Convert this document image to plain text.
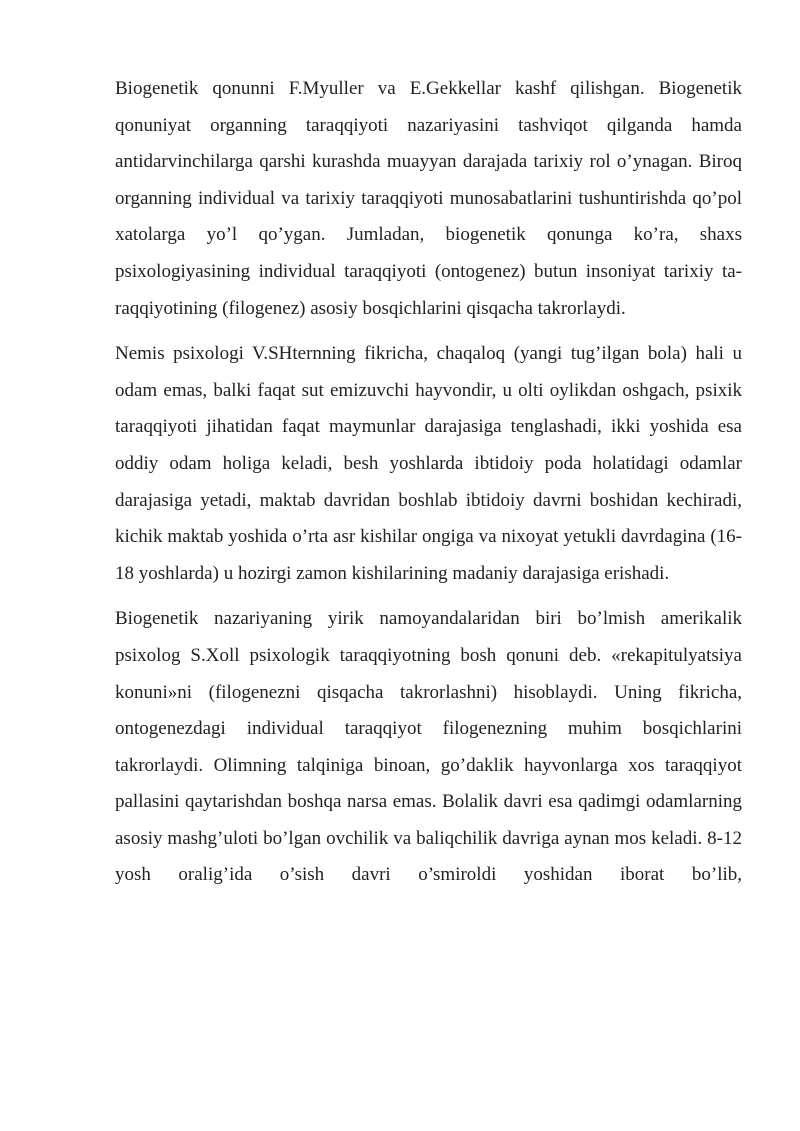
Biogenetik qonunni F.Myuller va E.Gekkellar kashf qilishgan. Biogenetik qonuniyat organning taraqqiyoti nazariyasini tashviqot qilganda hamda antidarvinchilarga qarshi kurashda muayyan darajada tarixiy rol o’ynagan. Biroq organning individual va tarixiy taraqqiyoti munosabatlarini tushuntirishda qo’pol xatolarga yo’l qo’ygan. Jumladan, biogenetik qonunga ko’ra, shaxs psixologiyasining individual taraqqiyoti (ontogenez) butun insoniyat tarixiy ta-raqqiyotining (filogenez) asosiy bosqichlarini qisqacha takrorlaydi.

Nemis psixologi V.SHternning fikricha, chaqaloq (yangi tug’ilgan bola) hali u odam emas, balki faqat sut emizuvchi hayvondir, u olti oylikdan oshgach, psixik taraqqiyoti jihatidan faqat maymunlar darajasiga tenglashadi, ikki yoshida esa oddiy odam holiga keladi, besh yoshlarda ibtidoiy poda holatidagi odamlar darajasiga yetadi, maktab davridan boshlab ibtidoiy davrni boshidan kechiradi, kichik maktab yoshida o’rta asr kishilar ongiga va nixoyat yetukli davrdagina (16-18 yoshlarda) u hozirgi zamon kishilarining madaniy darajasiga erishadi.

Biogenetik nazariyaning yirik namoyandalaridan biri bo’lmish amerikalik psixolog S.Xoll psixologik taraqqiyotning bosh qonuni deb. «rekapitulyatsiya konuni»ni (filogenezni qisqacha takrorlashni) hisoblaydi. Uning fikricha, ontogenezdagi individual taraqqiyot filogenezning muhim bosqichlarini takrorlaydi. Olimning talqiniga binoan, go’daklik hayvonlarga xos taraqqiyot pallasini qaytarishdan boshqa narsa emas. Bolalik davri esa qadimgi odamlarning asosiy mashg’uloti bo’lgan ovchilik va baliqchilik davriga aynan mos keladi. 8-12 yosh oralig’ida o’sish davri o’smiroldi yoshidan iborat bo’lib,
